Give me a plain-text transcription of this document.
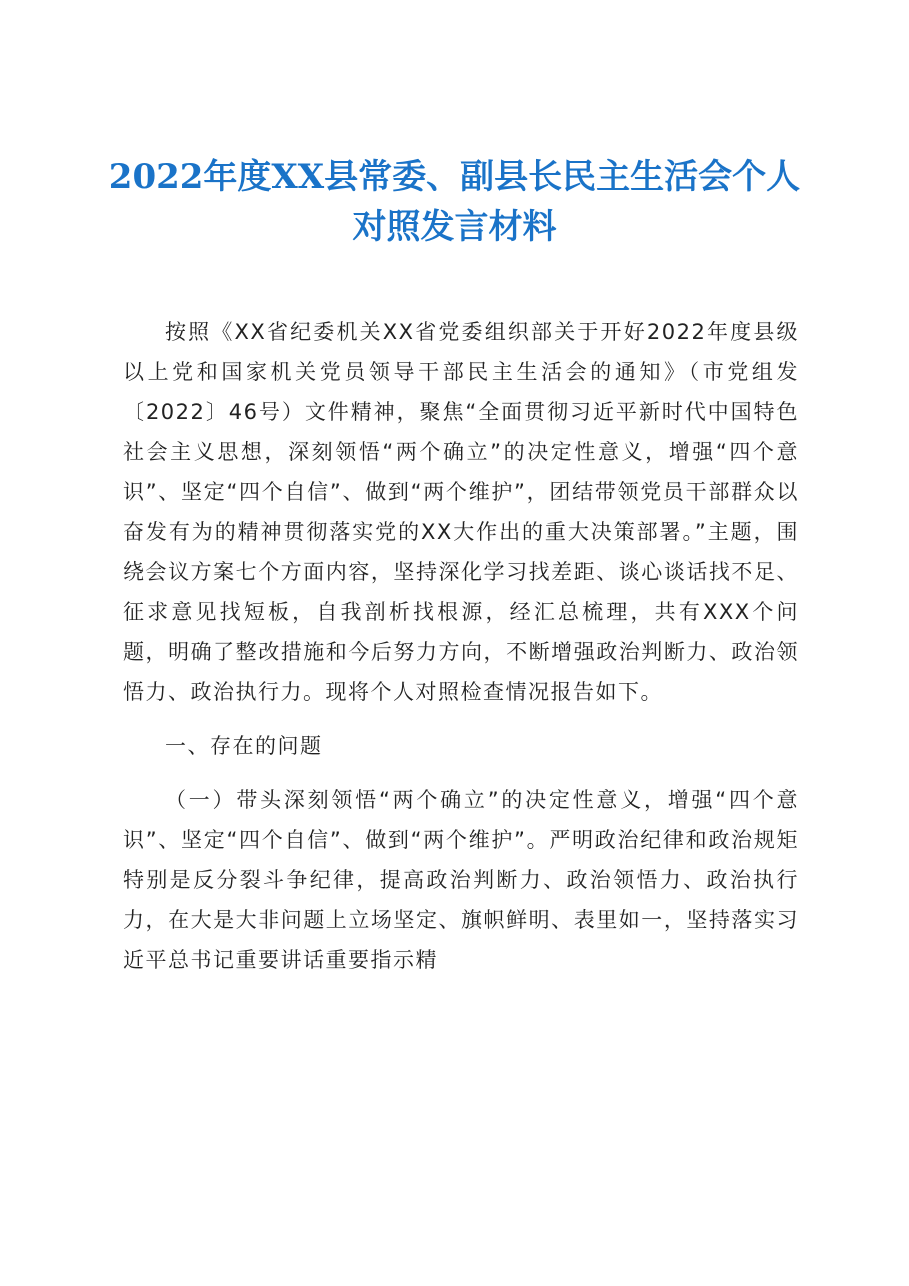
2022年度XX县常委、副县长民主生活会个人
对照发言材料

按照《XX省纪委机关XX省党委组织部关于开好2022年度县级以上党和国家机关党员领导干部民主生活会的通知》（市党组发〔2022〕46号）文件精神，聚焦“全面贯彻习近平新时代中国特色社会主义思想，深刻领悟“两个确立”的决定性意义，增强“四个意识”、坚定“四个自信”、做到“两个维护”，团结带领党员干部群众以奋发有为的精神贯彻落实党的XX大作出的重大决策部署。”主题，围绕会议方案七个方面内容，坚持深化学习找差距、谈心谈话找不足、征求意见找短板，自我剖析找根源，经汇总梳理，共有XXX个问题，明确了整改措施和今后努力方向，不断增强政治判断力、政治领悟力、政治执行力。现将个人对照检查情况报告如下。

一、存在的问题

（一）带头深刻领悟“两个确立”的决定性意义，增强“四个意识”、坚定“四个自信”、做到“两个维护”。严明政治纪律和政治规矩特别是反分裂斗争纪律，提高政治判断力、政治领悟力、政治执行力，在大是大非问题上立场坚定、旗帜鲜明、表里如一，坚持落实习近平总书记重要讲话重要指示精
